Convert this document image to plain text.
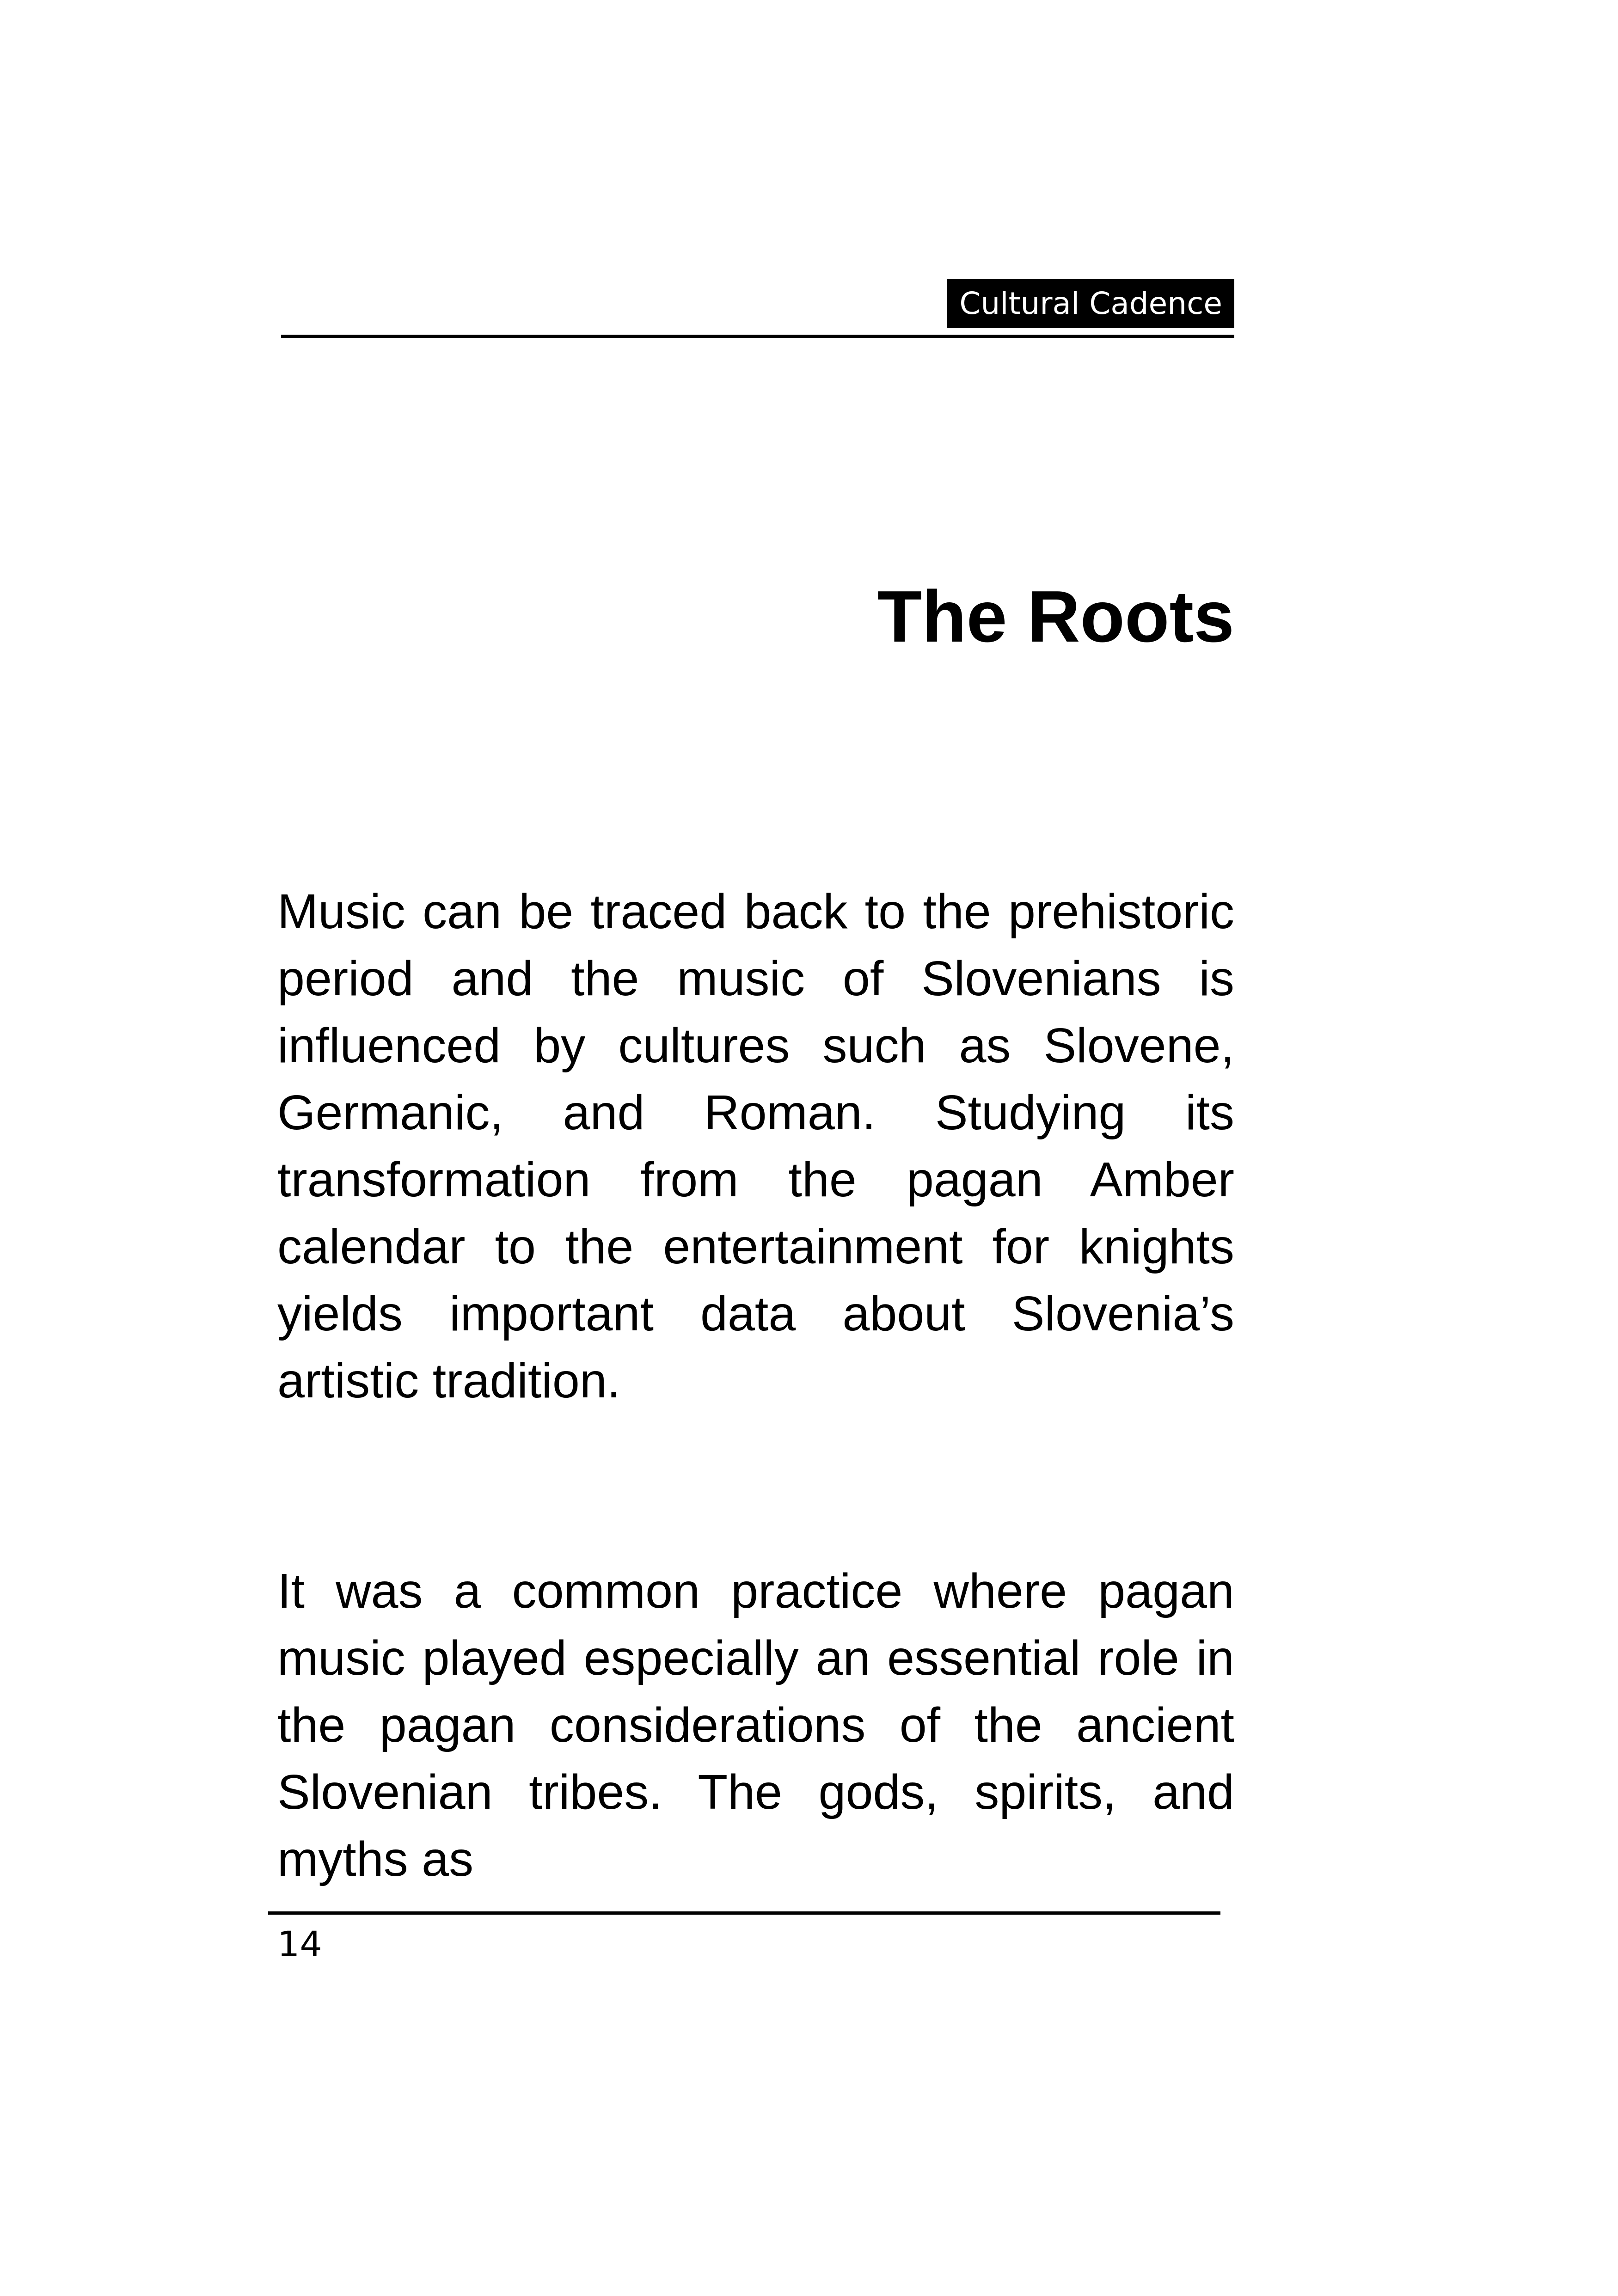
Cultural Cadence
The Roots

Music can be traced back to the prehistoric period and the music of Slovenians is influenced by cultures such as Slovene, Germanic, and Roman. Studying its transformation from the pagan Amber calendar to the entertainment for knights yields important data about Slovenia’s artistic tradition.

It was a common practice where pagan music played especially an essential role in the pagan considerations of the ancient Slovenian tribes. The gods, spirits, and myths as

14
